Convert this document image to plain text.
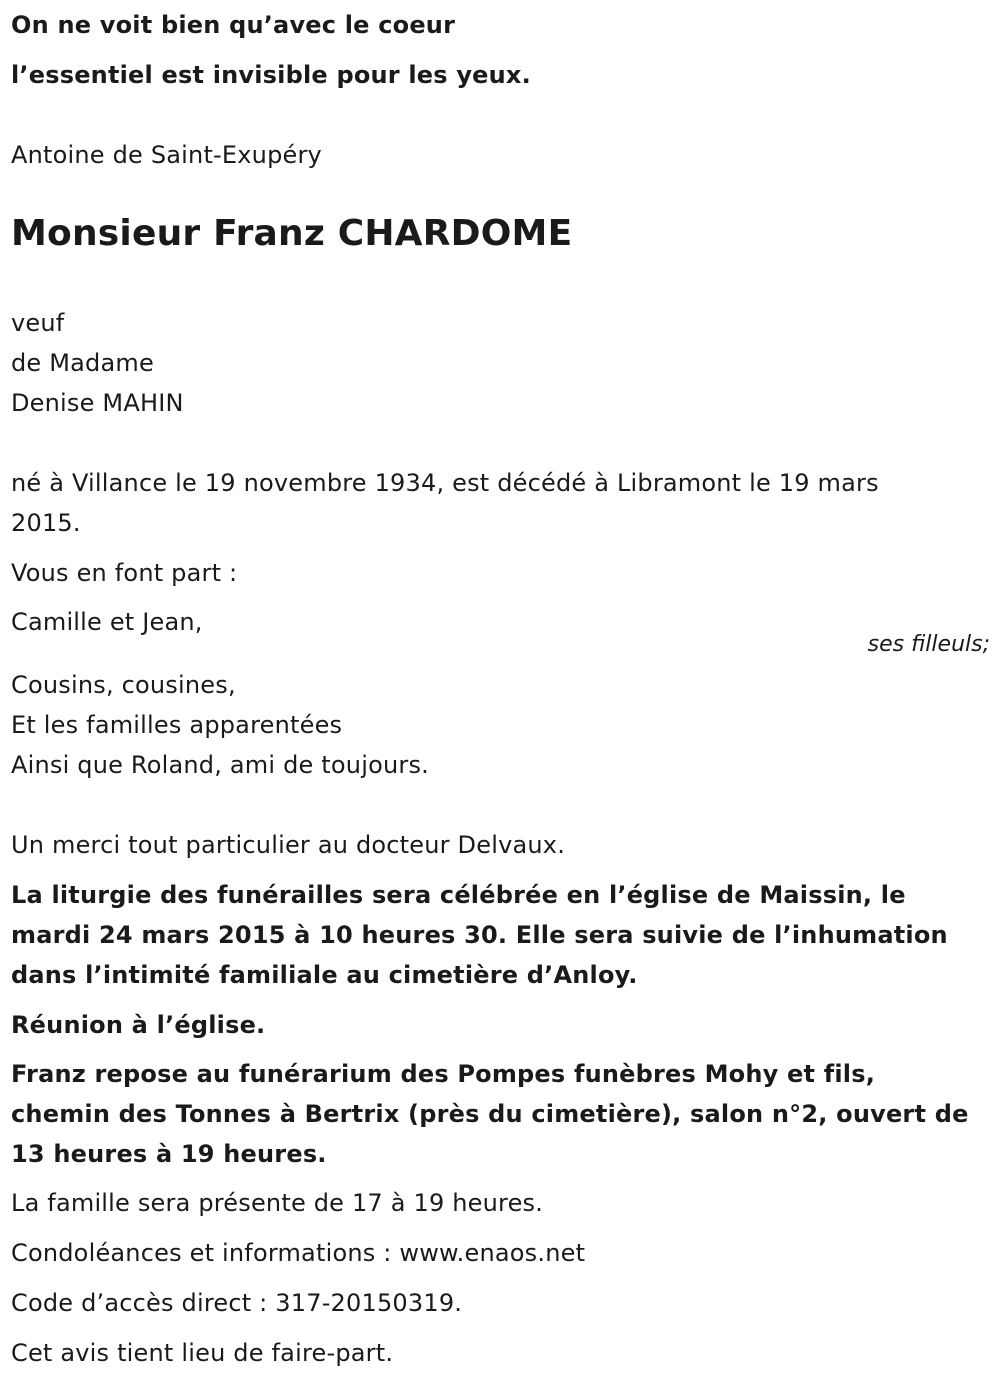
On ne voit bien qu’avec le coeur
l’essentiel est invisible pour les yeux.
Antoine de Saint-Exupéry
Monsieur Franz CHARDOME
veuf
de Madame
Denise MAHIN
né à Villance le 19 novembre 1934, est décédé à Libramont le 19 mars
2015.
Vous en font part :
Camille et Jean,
ses filleuls;
Cousins, cousines,
Et les familles apparentées
Ainsi que Roland, ami de toujours.
Un merci tout particulier au docteur Delvaux.
La liturgie des funérailles sera célébrée en l’église de Maissin, le
mardi 24 mars 2015 à 10 heures 30. Elle sera suivie de l’inhumation
dans l’intimité familiale au cimetière d’Anloy.
Réunion à l’église.
Franz repose au funérarium des Pompes funèbres Mohy et fils,
chemin des Tonnes à Bertrix (près du cimetière), salon n°2, ouvert de
13 heures à 19 heures.
La famille sera présente de 17 à 19 heures.
Condoléances et informations : www.enaos.net
Code d’accès direct : 317-20150319.
Cet avis tient lieu de faire-part.
